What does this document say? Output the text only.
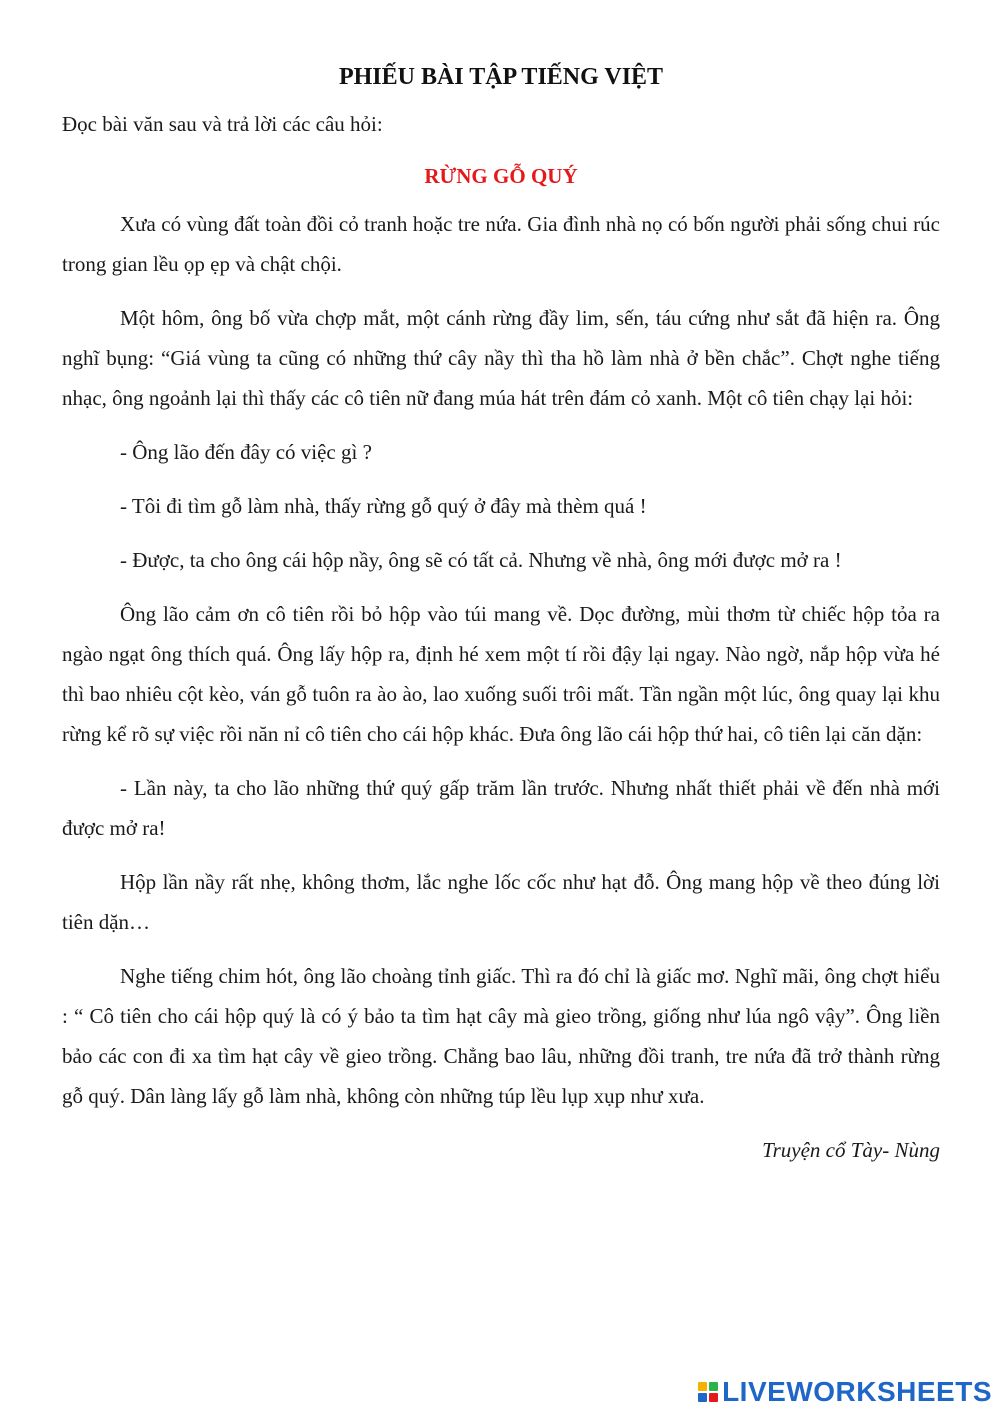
PHIẾU BÀI TẬP TIẾNG VIỆT

Đọc bài văn sau và trả lời các câu hỏi:

RỪNG GỖ QUÝ

Xưa có vùng đất toàn đồi cỏ tranh hoặc tre nứa. Gia đình nhà nọ có bốn người phải sống chui rúc trong gian lều ọp ẹp và chật chội.

Một hôm, ông bố vừa chợp mắt, một cánh rừng đầy lim, sến, táu cứng như sắt đã hiện ra. Ông nghĩ bụng: “Giá vùng ta cũng có những thứ cây nầy thì tha hồ làm nhà ở bền chắc”. Chợt nghe tiếng nhạc, ông ngoảnh lại thì thấy các cô tiên nữ đang múa hát trên đám cỏ xanh. Một cô tiên chạy lại hỏi:

- Ông lão đến đây có việc gì ?

- Tôi đi tìm gỗ làm nhà, thấy rừng gỗ quý ở đây mà thèm quá !

- Được, ta cho ông cái hộp nầy, ông sẽ có tất cả. Nhưng về nhà, ông mới được mở ra !

Ông lão cảm ơn cô tiên rồi bỏ hộp vào túi mang về. Dọc đường, mùi thơm từ chiếc hộp tỏa ra ngào ngạt ông thích quá. Ông lấy hộp ra, định hé xem một tí rồi đậy lại ngay. Nào ngờ, nắp hộp vừa hé thì bao nhiêu cột kèo, ván gỗ tuôn ra ào ào, lao xuống suối trôi mất. Tần ngần một lúc, ông quay lại khu rừng kể rõ sự việc rồi năn nỉ cô tiên cho cái hộp khác. Đưa ông lão cái hộp thứ hai, cô tiên lại căn dặn:

- Lần này, ta cho lão những thứ quý gấp trăm lần trước. Nhưng nhất thiết phải về đến nhà mới được mở ra!

Hộp lần nầy rất nhẹ, không thơm, lắc nghe lốc cốc như hạt đỗ. Ông mang hộp về theo đúng lời tiên dặn…

Nghe tiếng chim hót, ông lão choàng tỉnh giấc. Thì ra đó chỉ là giấc mơ. Nghĩ mãi, ông chợt hiểu : “ Cô tiên cho cái hộp quý là có ý bảo ta tìm hạt cây mà gieo trồng, giống như lúa ngô vậy”. Ông liền bảo các con đi xa tìm hạt cây về gieo trồng. Chẳng bao lâu, những đồi tranh, tre nứa đã trở thành rừng gỗ quý. Dân làng lấy gỗ làm nhà, không còn những túp lều lụp xụp như xưa.

Truyện cổ Tày- Nùng

LIVEWORKSHEETS
